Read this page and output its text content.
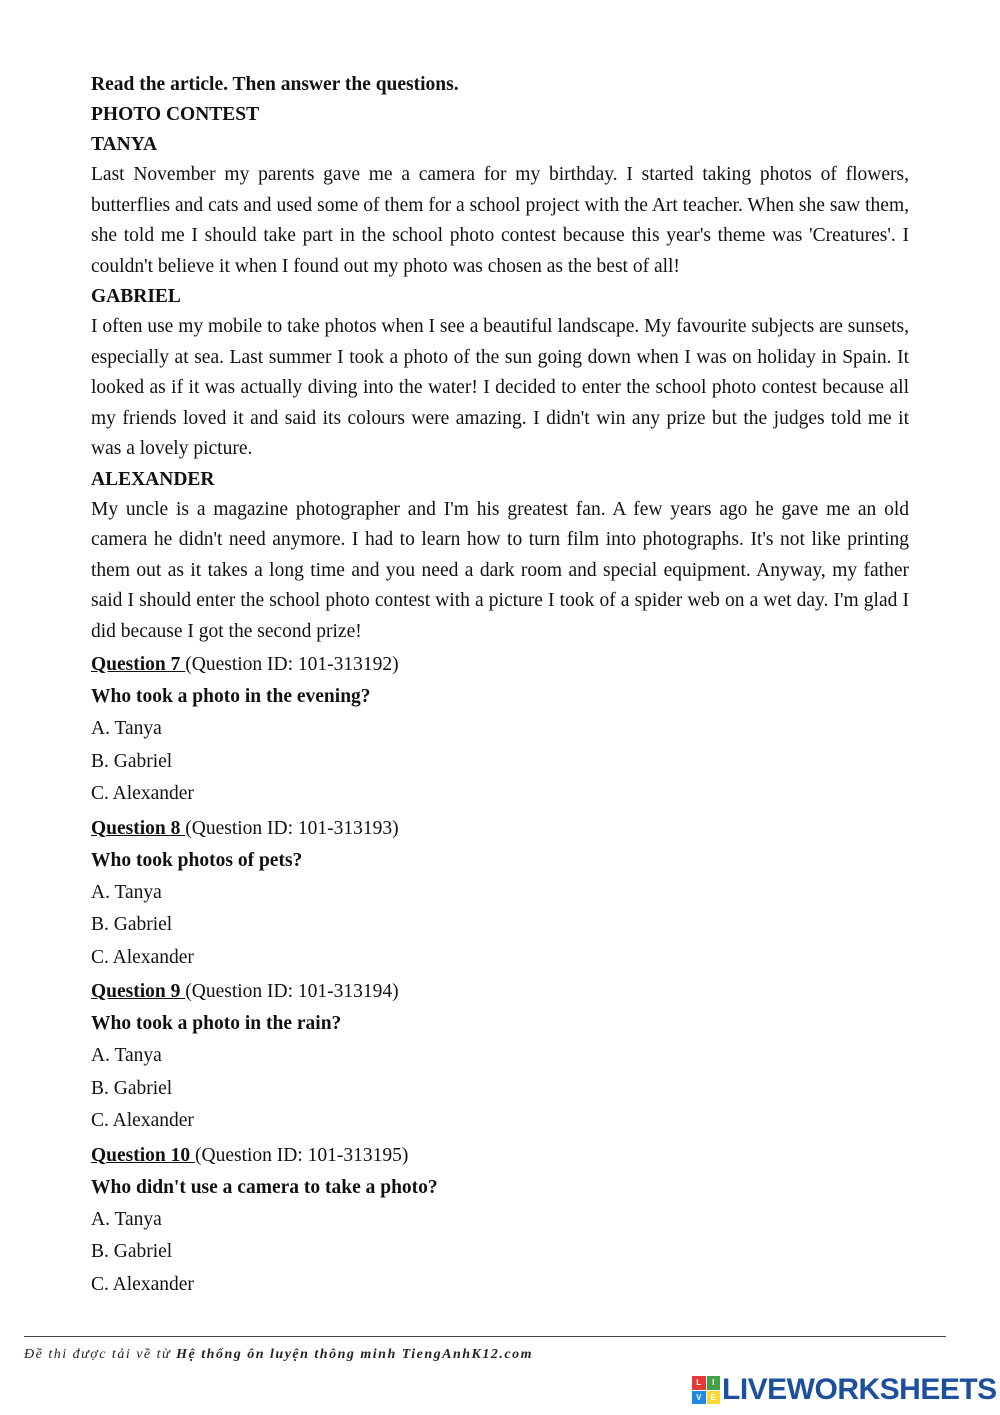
Read the article. Then answer the questions.
PHOTO CONTEST
TANYA
Last November my parents gave me a camera for my birthday. I started taking photos of flowers, butterflies and cats and used some of them for a school project with the Art teacher. When she saw them, she told me I should take part in the school photo contest because this year's theme was 'Creatures'. I couldn't believe it when I found out my photo was chosen as the best of all!
GABRIEL
I often use my mobile to take photos when I see a beautiful landscape. My favourite subjects are sunsets, especially at sea. Last summer I took a photo of the sun going down when I was on holiday in Spain. It looked as if it was actually diving into the water! I decided to enter the school photo contest because all my friends loved it and said its colours were amazing. I didn't win any prize but the judges told me it was a lovely picture.
ALEXANDER
My uncle is a magazine photographer and I'm his greatest fan. A few years ago he gave me an old camera he didn't need anymore. I had to learn how to turn film into photographs. It's not like printing them out as it takes a long time and you need a dark room and special equipment. Anyway, my father said I should enter the school photo contest with a picture I took of a spider web on a wet day. I'm glad I did because I got the second prize!
Question 7 (Question ID: 101-313192)
Who took a photo in the evening?
A. Tanya
B. Gabriel
C. Alexander
Question 8 (Question ID: 101-313193)
Who took photos of pets?
A. Tanya
B. Gabriel
C. Alexander
Question 9 (Question ID: 101-313194)
Who took a photo in the rain?
A. Tanya
B. Gabriel
C. Alexander
Question 10 (Question ID: 101-313195)
Who didn't use a camera to take a photo?
A. Tanya
B. Gabriel
C. Alexander
Đề thi được tải về từ Hệ thống ôn luyện thông minh TiengAnhK12.com
L	I
V	E LIVEWORKSHEETS
